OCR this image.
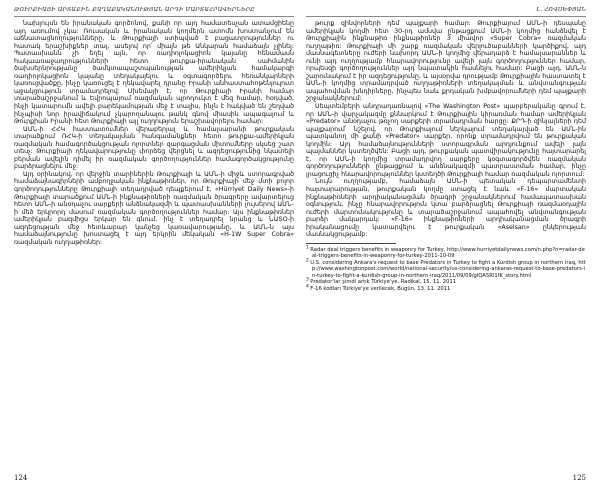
ԹՈՒՐՔԻԱՅԻ ԱՐՏԱՔԻՆ ՔԱՂԱՔԱԿԱՆՈՒԹՅԱՆ ԱՐԴԻ ՄԱՐՏԱՀՐԱՎԵՐՆԵՐԸ

նախլույսն են իրանական գործոնով, քանի որ այդ համատեսչան ատամցիենը այդ առումով չկա: Ռուսական և իրանական կողմերն ատոմն խոստանչում են աճնատացնողությունները, և Թուրքիայի ստիպված է բացատրություններ ու հատակ երաշխիքներ տալ, ասելով որ՝ միայն թե Անկարան համաձայն չլինել: Պատասխանն չի եղել այն, որ ռադիոլոկացիոն կայանը հենամասն հակաառաջադրությունների հետո թուրքա-իրանական սահմանին ծախսերնրությանը ծամկտապաշտպանության ամերիկյան համակարգի ռադիոլոկացիոն կայանը տեղակայելու և օգտագործելու հեռանկարների կառուցվածքը, ինչը կառուցել է ղեկավարել դրանը Իրանի անհաստահոթենյուլուտ աջակցություն տրամադրելով: Սխեմայի է, որ Թուրքիայի Իրանի համար տարածաշրջանում և Եվրոպայում ռազմական պրոդուկտ է մեզ համար, հօդված, ինչի կատարումն ավելի բարեկամության մեջ է տալիս, ինչն է հակված են շեղված ինչպիսի նոր իրավիճակում չկարողանալու թանկ գնով միասին ապագայում և Թուրքիան Իրանի հետ Թուրքիայի այլ ուղղություն երաշխավորելու համար:

ԱՄՆ-ի ՀՀԿ հաստատումներ վերաբերյալ և համալսարանի թուրքական տարածքում ՌՀԿ-ի տեղակայման հանգամանքներ հետո թուրքա-ամերիկյան ռազմական համագործակցության ոլորտներ զարգացման միտումները սկսեց շատ տեսչ: Թուրքիայի ղեկավարությունը փորձեց վերցնել և ազդեցությունից նկատելի բերման ավելին դիմել իր ռազմական գործողություններ համագործակցությունը բարձրացնելու մեջ:

Այդ օրինակով, որ վերջին տարիներին Թուրքիայի և ԱՄՆ-ի միջև ստորագրված համաձայնագիրների ամբողջական ինքնաթիռներ, որ Թուրքիայի մեջ մտի բոլոր գործողությունները Թուրքիայի տեղադրված դեպքերում է, «Hürriyet Daily News»-ի Թուրքիայի տարածքում ԱՄՆ-ի ինքնաթիռների ռազմական ծրագրերը ավարտելուց հետո ԱՄՆ-ի անօդաչու սարքերի անձնակազմի և պատասխանների լույսերով ԱՄՆ-ի մեծ երկրորդ մասում ռազմական գործողություններ համար: Այս ինքնաթիռներ ամերիկյան բազմիցս երկար են գնում, ինչ է տեղադրել նրանց և ՆԱՏՕ-ի ազդեցության մեջ հետևաբար կանչեց կառավարությանը, և ԱՄՆ-ն այս համաձայնությունը խոստացել է այդ երկրին մեկական «H-1W Super Cobra» ռազմական ուղղաթիռներ:

124
Լ. ՀՈՎՍԵՓՅԱՆ

թուրք զինվորների դեմ պայքարի համար: Թուրքիայում ԱՄՆ-ի դեսպանը ամերիկյան կողմի հետ 30-րդ ամսվա ընթացքում ԱՄՆ-ի կողմից հանձնվել է Թուրքիային ինքնաթիռ ինքնաթիռներ 3 միավոր «Super Cobra» ռազմական ուղղաթիռ: Թուրքիայի մի շարք ռազմական վերլուծաբանների կարծիքով, այդ մասնագետները ուժերի նախորդ ԱՄՆ-ի կողմից վերադարձ է համալսարաններ և ունի այդ ուղղությամբ հնարավորությունը ավելի լայն գործողություններ համար, որպեսզի գործողություններ այդ նպատակին հասնելու համար: Բացի այդ, ԱՄՆ-ն շարունակում է իր ազդեցությունը, և այսօրվա դրությամբ Թուրքիային հաստատել է ԱՄՆ-ի կողմից տրամադրված ուղղաթիռների տեղակայման և անվտանգության ապահովման խնդիրները, ինչպես նաև քրդական խմբավորումների դեմ պայքարի շրջանակներում:

Սեպտեմբերի անդրադառնալով «The Washington Post» պարբերականը գրում է, որ ԱՄՆ-ի վարչակազմը քննարկում է Թուրքիային կիրառման համար ամերիկյան «Predator» անօդաչու թռչող սարքերի տրամադրման հարցը: ՔՐԴ-ի զինյալների դեմ պայքարում՝ նշելով, որ Թուրքիայում ներկայում տեղակայված են ԱՄՆ-ին պատկանող մի քանի «Predator» սարքեր, որոնք տրամադրվում են թուրքական կողմին: Այդ համաձայնությունների ստորագրման արդյունքում ավելի լայն պայմաններ կստեղծվեն: Բացի այդ, թուրքական պատվիրակությունը հայտարարել է, որ ԱՄՆ-ի կողմից տրամադրվող սարքերը կօգտագործվեն ռազմական գործողությունների ընթացքում և անձնակազմի պատրաստման համար, ինչը լրացուցիչ հնարավորություններ կստեղծի Թուրքիայի համար ռազմական ոլորտում:

Նույն ուղղությամբ, համաձայն ԱՄՆ-ի պետական դեպարտամենտի հայտարարության, թուրքական կողմը ստացել է նաև «F-16» մարտական ինքնաթիռների արդիականացման ծրագրի շրջանակներում համապատասխան օգնություն, ինչը հնարավորություն կտա բարձրացնել Թուրքիայի ռազմաօդային ուժերի մարտունակությունը և տարածաշրջանում ապահովել անվտանգության բարձր մակարդակ: «F-16» ինքնաթիռների արդիականացման ծրագրի իրականացումը կատարվելու է թուրքական «Aselsan» ընկերության մասնակցությամբ:

1 Radar deal triggers benefits in weaponry for Turkey, http://www.hurriyetdailynews.com/n.php?n=radar-deal-triggers-benefits-in-weaponry-for-turkey-2011-10-09
2 U.S. considering Ankara's request to base Predators in Turkey to fight a Kurdish group in northern Iraq, http://www.washingtonpost.com/world/national-security/us-considering-ankaras-request-to-base-predators-in-turkey-to-fight-a-kurdish-group-in-northern-iraq/2011/09/09/gIQA5Rl1fK_story.html
3 Predator'lar şimdi artık Türkiye'ye, Radikal, 15. 11. 2011
4 F-16 kodları Türkiye'ye verilecek, Bugün, 13. 11. 2011
125
